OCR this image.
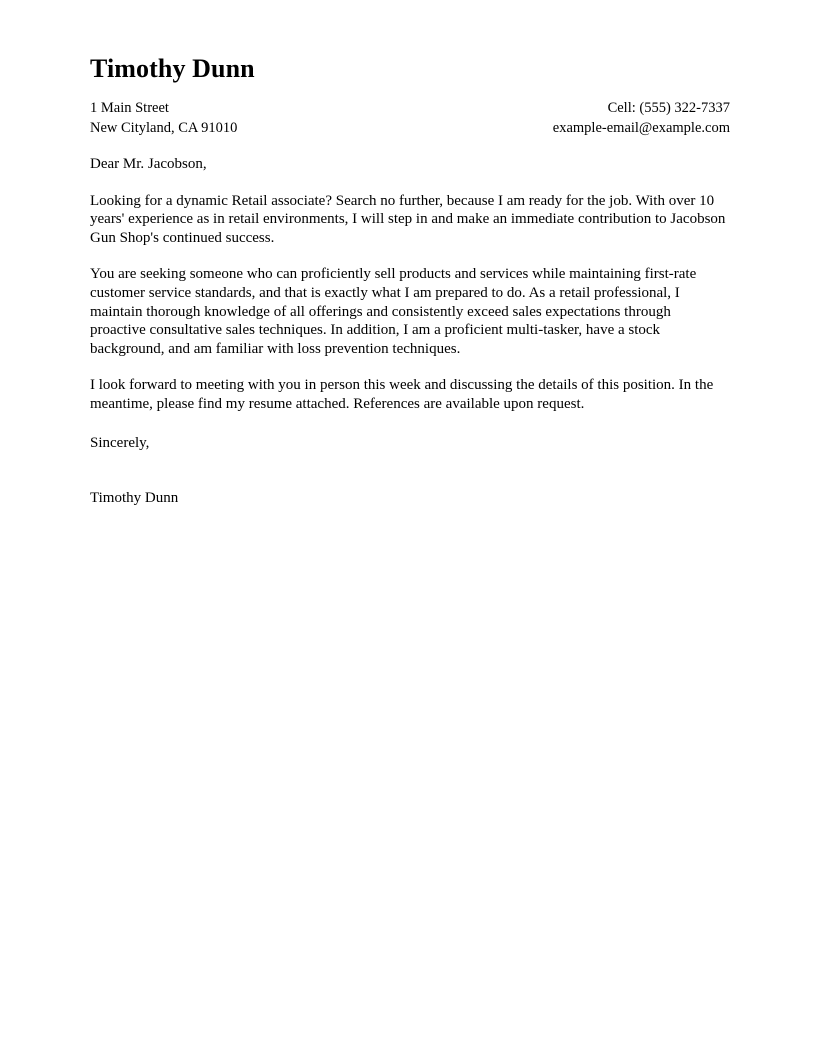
Timothy Dunn
1 Main Street	Cell: (555) 322-7337
New Cityland, CA 91010	example-email@example.com

Dear Mr. Jacobson,

Looking for a dynamic Retail associate? Search no further, because I am ready for the job. With over 10 years' experience as in retail environments, I will step in and make an immediate contribution to Jacobson Gun Shop's continued success.

You are seeking someone who can proficiently sell products and services while maintaining first-rate customer service standards, and that is exactly what I am prepared to do. As a retail professional, I maintain thorough knowledge of all offerings and consistently exceed sales expectations through proactive consultative sales techniques. In addition, I am a proficient multi-tasker, have a stock background, and am familiar with loss prevention techniques.

I look forward to meeting with you in person this week and discussing the details of this position. In the meantime, please find my resume attached. References are available upon request.

Sincerely,

Timothy Dunn
